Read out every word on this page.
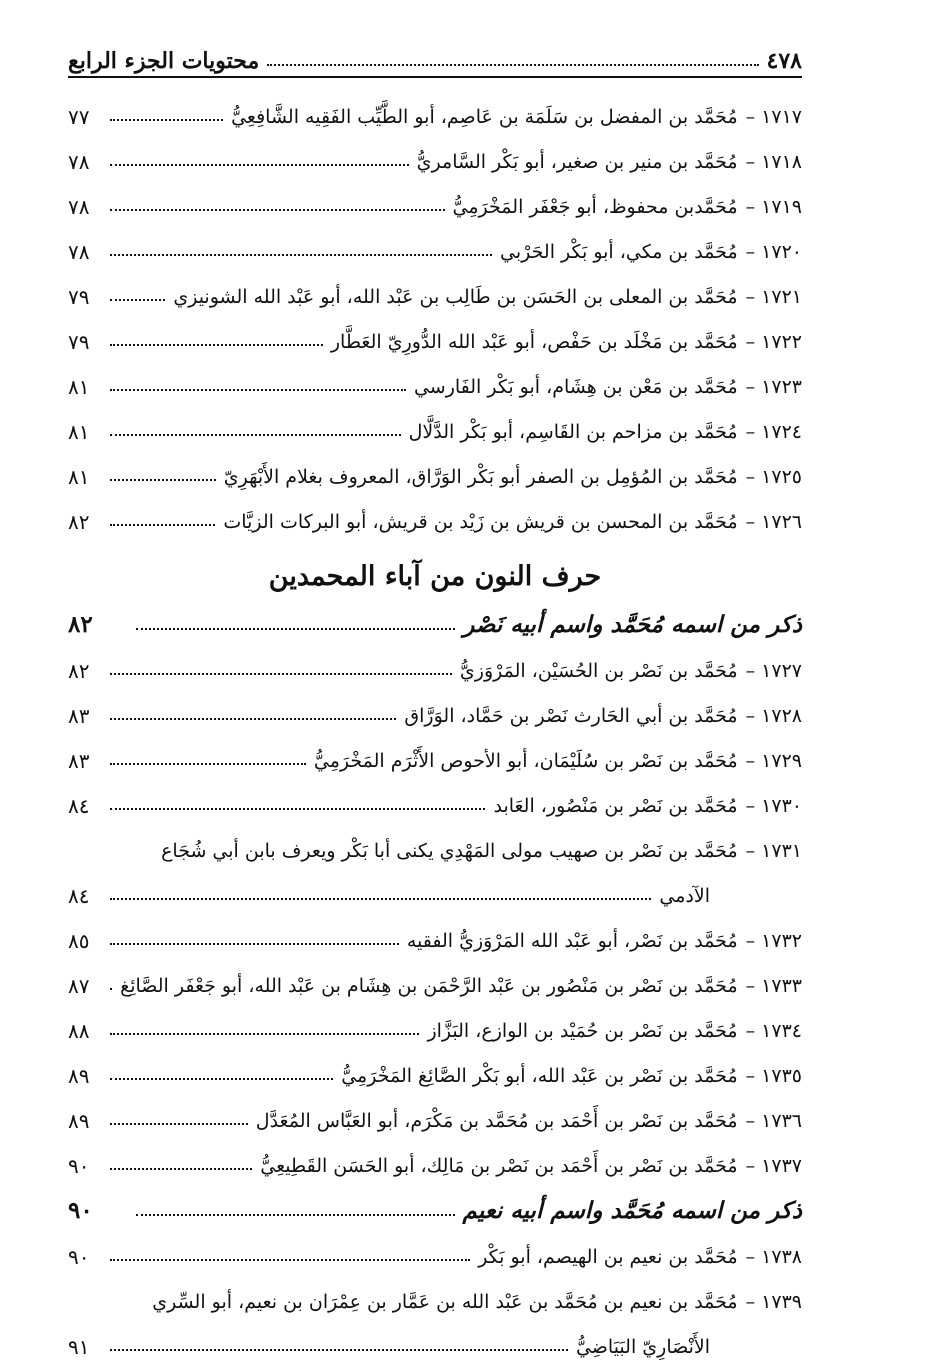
٤٧٨
محتويات الجزء الرابع
١٧١٧ –
مُحَمَّد بن المفضل بن سَلَمَة بن عَاصِم، أبو الطَّيِّب الفَقِيه الشَّافِعِيُّ
٧٧
١٧١٨ –
مُحَمَّد بن منير بن صغير، أبو بَكْر السَّامريُّ
٧٨
١٧١٩ –
مُحَمَّدبن محفوظ، أبو جَعْفَر المَخْرَمِيُّ
٧٨
١٧٢٠ –
مُحَمَّد بن مكي، أبو بَكْر الحَرْبي
٧٨
١٧٢١ –
مُحَمَّد بن المعلى بن الحَسَن بن طَالِب بن عَبْد الله، أبو عَبْد الله الشونيزي
٧٩
١٧٢٢ –
مُحَمَّد بن مَخْلَد بن حَفْص، أبو عَبْد الله الدُّورِيّ العَطَّار
٧٩
١٧٢٣ –
مُحَمَّد بن مَعْن بن هِشَام، أبو بَكْر الفَارسي
٨١
١٧٢٤ –
مُحَمَّد بن مزاحم بن القَاسِم، أبو بَكْر الدَّلَّال
٨١
١٧٢٥ –
مُحَمَّد بن المُؤمِل بن الصفر أبو بَكْر الوَرَّاق، المعروف بغلام الأَبْهَرِيّ
٨١
١٧٢٦ –
مُحَمَّد بن المحسن بن قريش بن زَيْد بن قريش، أبو البركات الزيَّات
٨٢
حرف النون من آباء المحمدين
ذكر من اسمه مُحَمَّد واسم أبيه نَصْر
٨٢
١٧٢٧ –
مُحَمَّد بن نَصْر بن الحُسَيْن، المَرْوَزيُّ
٨٢
١٧٢٨ –
مُحَمَّد بن أبي الحَارث نَصْر بن حَمَّاد، الوَرَّاق
٨٣
١٧٢٩ –
مُحَمَّد بن نَصْر بن سُلَيْمَان، أبو الأحوص الأَثْرَم المَخْرَمِيُّ
٨٣
١٧٣٠ –
مُحَمَّد بن نَصْر بن مَنْصُور، العَابد
٨٤
١٧٣١ –
مُحَمَّد بن نَصْر بن صهيب مولى المَهْدِي يكنى أبا بَكْر ويعرف بابن أبي شُجَاع
الآدمي
٨٤
١٧٣٢ –
مُحَمَّد بن نَصْر، أبو عَبْد الله المَرْوَزيُّ الفقيه
٨٥
١٧٣٣ –
مُحَمَّد بن نَصْر بن مَنْصُور بن عَبْد الرَّحْمَن بن هِشَام بن عَبْد الله، أبو جَعْفَر الصَّائِغ
٨٧
١٧٣٤ –
مُحَمَّد بن نَصْر بن حُمَيْد بن الوازع، البَزَّاز
٨٨
١٧٣٥ –
مُحَمَّد بن نَصْر بن عَبْد الله، أبو بَكْر الصَّائِغ المَخْرَمِيُّ
٨٩
١٧٣٦ –
مُحَمَّد بن نَصْر بن أَحْمَد بن مُحَمَّد بن مَكْرَم، أبو العَبَّاس المُعَدَّل
٨٩
١٧٣٧ –
مُحَمَّد بن نَصْر بن أَحْمَد بن نَصْر بن مَالِك، أبو الحَسَن القَطِيعِيُّ
٩٠
ذكر من اسمه مُحَمَّد واسم أبيه نعيم
٩٠
١٧٣٨ –
مُحَمَّد بن نعيم بن الهيصم، أبو بَكْر
٩٠
١٧٣٩ –
مُحَمَّد بن نعيم بن مُحَمَّد بن عَبْد الله بن عَمَّار بن عِمْرَان بن نعيم، أبو السِّري
الأَنْصَارِيّ البَيَاضِيُّ
٩١
